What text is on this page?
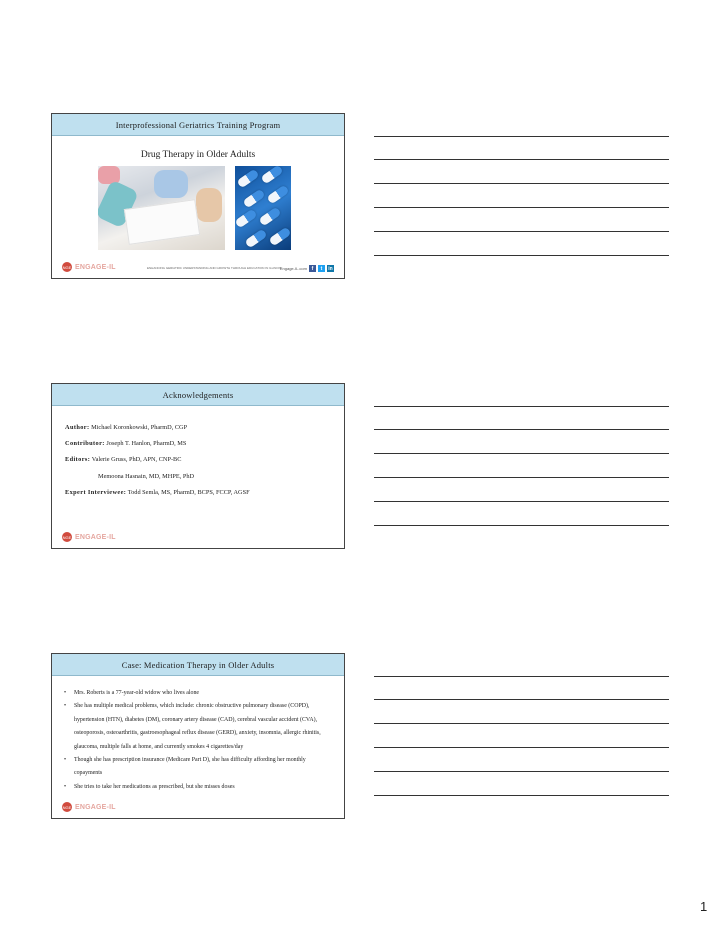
Interprofessional Geriatrics Training Program
Drug Therapy in Older Adults
NGE ENGAGE-IL	ENHANCING GERIATRIC UNDERSTANDING AND GROWTH THROUGH EDUCATION IN ILLINOIS
Engage-IL.com f	t	in
Acknowledgements
Author: Michael Koronkowski, PharmD, CGP
Contributor: Joseph T. Hanlon, PharmD, MS
Editors: Valerie Gruss, PhD, APN, CNP-BC
Memoona Hasnain, MD, MHPE, PhD
Expert Interviewee: Todd Semla, MS, PharmD, BCPS, FCCP, AGSF
NGE ENGAGE-IL
Case: Medication Therapy in Older Adults
• Mrs. Roberts is a 77-year-old widow who lives alone
• She has multiple medical problems, which include: chronic obstructive pulmonary disease (COPD), hypertension (HTN), diabetes (DM), coronary artery disease (CAD), cerebral vascular accident (CVA), osteoporosis, osteoarthritis, gastroesophageal reflux disease (GERD), anxiety, insomnia, allergic rhinitis, glaucoma, multiple falls at home, and currently smokes 4 cigarettes/day
• Though she has prescription insurance (Medicare Part D), she has difficulty affording her monthly copayments
• She tries to take her medications as prescribed, but she misses doses
NGE ENGAGE-IL
1
